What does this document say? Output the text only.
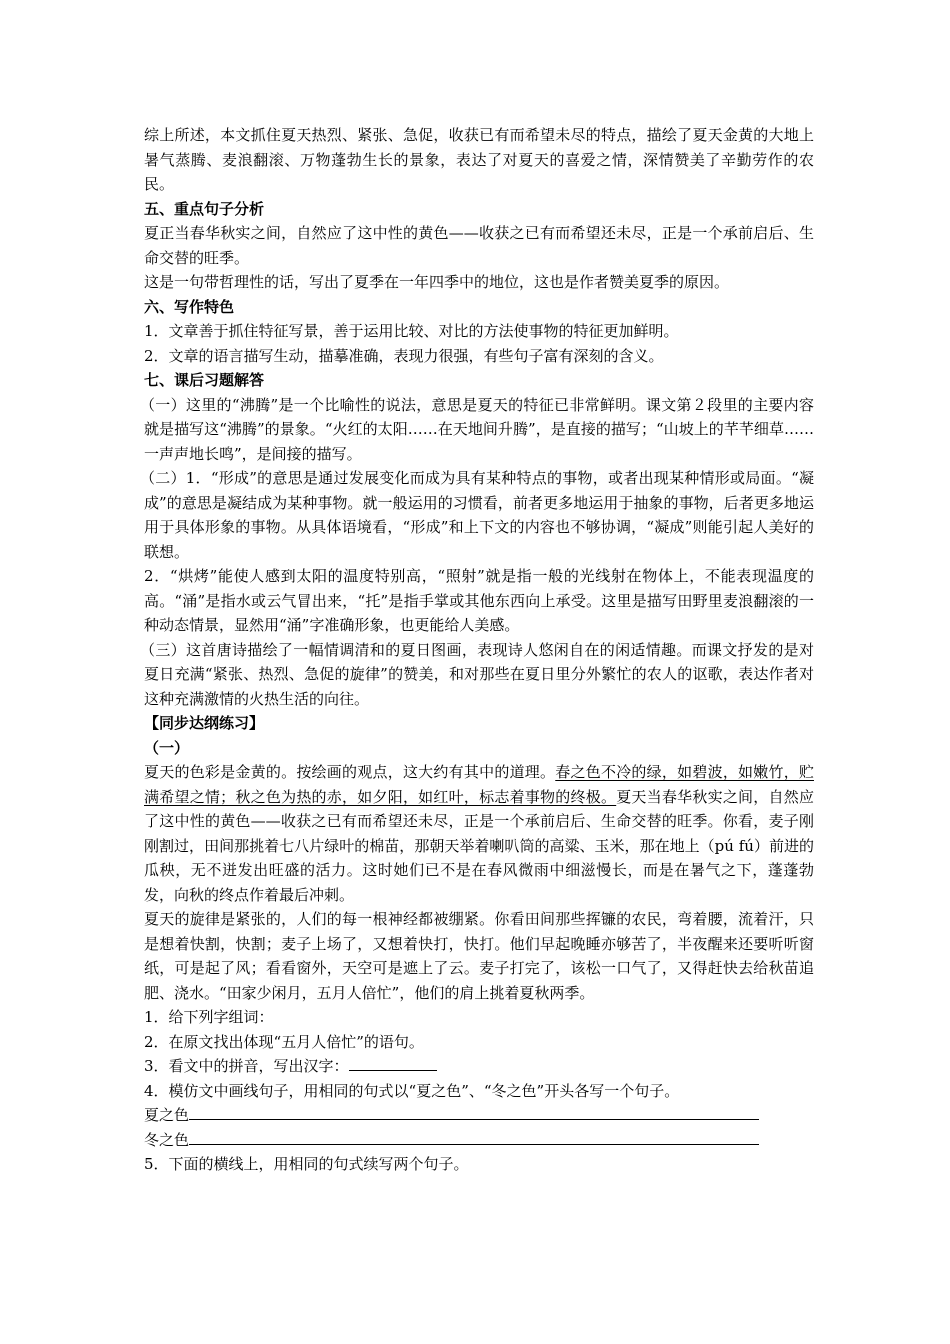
综上所述，本文抓住夏天热烈、紧张、急促，收获已有而希望未尽的特点，描绘了夏天金黄的大地上暑气蒸腾、麦浪翻滚、万物蓬勃生长的景象，表达了对夏天的喜爱之情，深情赞美了辛勤劳作的农民。

五、重点句子分析

夏正当春华秋实之间，自然应了这中性的黄色——收获之已有而希望还未尽，正是一个承前启后、生命交替的旺季。

这是一句带哲理性的话，写出了夏季在一年四季中的地位，这也是作者赞美夏季的原因。

六、写作特色

1．文章善于抓住特征写景，善于运用比较、对比的方法使事物的特征更加鲜明。

2．文章的语言描写生动，描摹准确，表现力很强，有些句子富有深刻的含义。

七、课后习题解答

（一）这里的“沸腾”是一个比喻性的说法，意思是夏天的特征已非常鲜明。课文第２段里的主要内容就是描写这“沸腾”的景象。“火红的太阳……在天地间升腾”，是直接的描写；“山坡上的芊芊细草……一声声地长鸣”，是间接的描写。

（二）1．“形成”的意思是通过发展变化而成为具有某种特点的事物，或者出现某种情形或局面。“凝成”的意思是凝结成为某种事物。就一般运用的习惯看，前者更多地运用于抽象的事物，后者更多地运用于具体形象的事物。从具体语境看，“形成”和上下文的内容也不够协调，“凝成”则能引起人美好的联想。

2．“烘烤”能使人感到太阳的温度特别高，“照射”就是指一般的光线射在物体上，不能表现温度的高。“涌”是指水或云气冒出来，“托”是指手掌或其他东西向上承受。这里是描写田野里麦浪翻滚的一种动态情景，显然用“涌”字准确形象，也更能给人美感。

（三）这首唐诗描绘了一幅情调清和的夏日图画，表现诗人悠闲自在的闲适情趣。而课文抒发的是对夏日充满“紧张、热烈、急促的旋律”的赞美，和对那些在夏日里分外繁忙的农人的讴歌，表达作者对这种充满激情的火热生活的向往。

【同步达纲练习】

（一）

夏天的色彩是金黄的。按绘画的观点，这大约有其中的道理。春之色不冷的绿，如碧波，如嫩竹，贮满希望之情；秋之色为热的赤，如夕阳，如红叶，标志着事物的终极。夏天当春华秋实之间，自然应了这中性的黄色——收获之已有而希望还未尽，正是一个承前启后、生命交替的旺季。你看，麦子刚刚割过，田间那挑着七八片绿叶的棉苗，那朝天举着喇叭筒的高粱、玉米，那在地上（pú fú）前进的瓜秧，无不迸发出旺盛的活力。这时她们已不是在春风微雨中细滋慢长，而是在暑气之下，蓬蓬勃发，向秋的终点作着最后冲刺。

夏天的旋律是紧张的，人们的每一根神经都被绷紧。你看田间那些挥镰的农民，弯着腰，流着汗，只是想着快割，快割；麦子上场了，又想着快打，快打。他们早起晚睡亦够苦了，半夜醒来还要听听窗纸，可是起了风；看看窗外，天空可是遮上了云。麦子打完了，该松一口气了，又得赶快去给秋苗追肥、浇水。“田家少闲月，五月人倍忙”，他们的肩上挑着夏秋两季。

1．给下列字组词：

2．在原文找出体现“五月人倍忙”的语句。

3．看文中的拼音，写出汉字：

4．模仿文中画线句子，用相同的句式以“夏之色”、“冬之色”开头各写一个句子。

夏之色

冬之色

5．下面的横线上，用相同的句式续写两个句子。
